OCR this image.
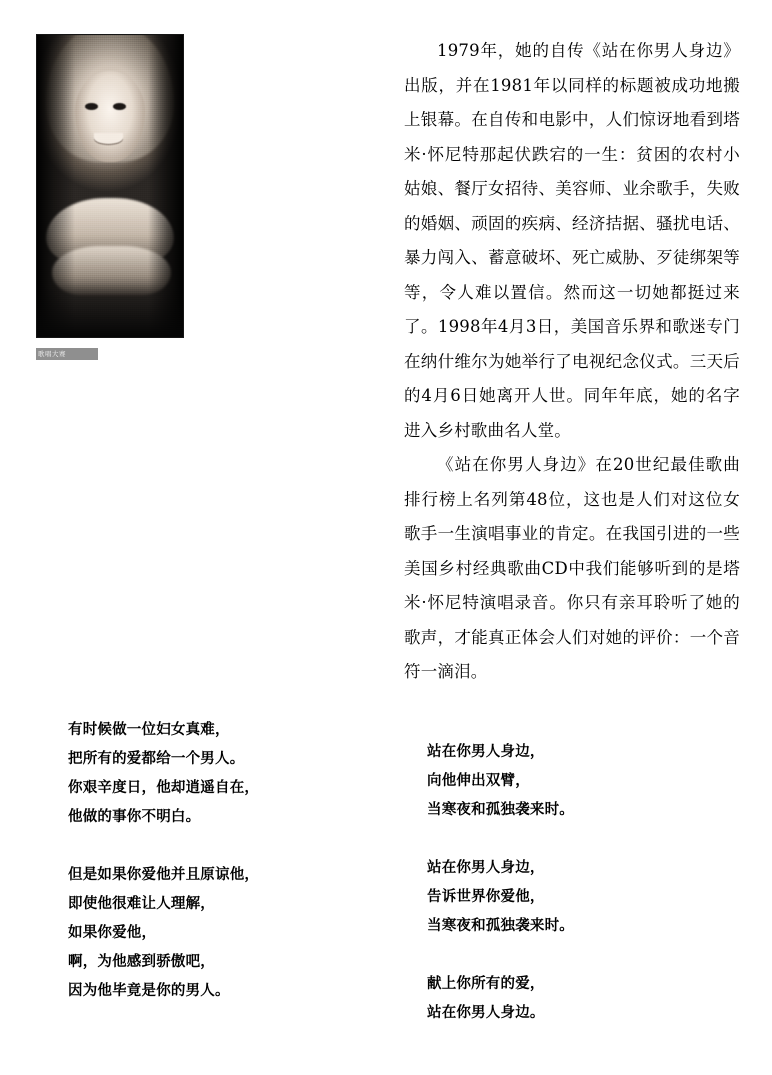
歌唱大赛

1979年，她的自传《站在你男人身边》出版，并在1981年以同样的标题被成功地搬上银幕。在自传和电影中，人们惊讶地看到塔米·怀尼特那起伏跌宕的一生：贫困的农村小姑娘、餐厅女招待、美容师、业余歌手，失败的婚姻、顽固的疾病、经济拮据、骚扰电话、暴力闯入、蓄意破坏、死亡威胁、歹徒绑架等等，令人难以置信。然而这一切她都挺过来了。1998年4月3日，美国音乐界和歌迷专门在纳什维尔为她举行了电视纪念仪式。三天后的4月6日她离开人世。同年年底，她的名字进入乡村歌曲名人堂。

《站在你男人身边》在20世纪最佳歌曲排行榜上名列第48位，这也是人们对这位女歌手一生演唱事业的肯定。在我国引进的一些美国乡村经典歌曲CD中我们能够听到的是塔米·怀尼特演唱录音。你只有亲耳聆听了她的歌声，才能真正体会人们对她的评价：一个音符一滴泪。

有时候做一位妇女真难，
把所有的爱都给一个男人。
你艰辛度日，他却逍遥自在，
他做的事你不明白。
但是如果你爱他并且原谅他，
即使他很难让人理解，
如果你爱他，
啊，为他感到骄傲吧，
因为他毕竟是你的男人。
站在你男人身边，
向他伸出双臂，
当寒夜和孤独袭来时。
站在你男人身边，
告诉世界你爱他，
当寒夜和孤独袭来时。
献上你所有的爱，
站在你男人身边。
